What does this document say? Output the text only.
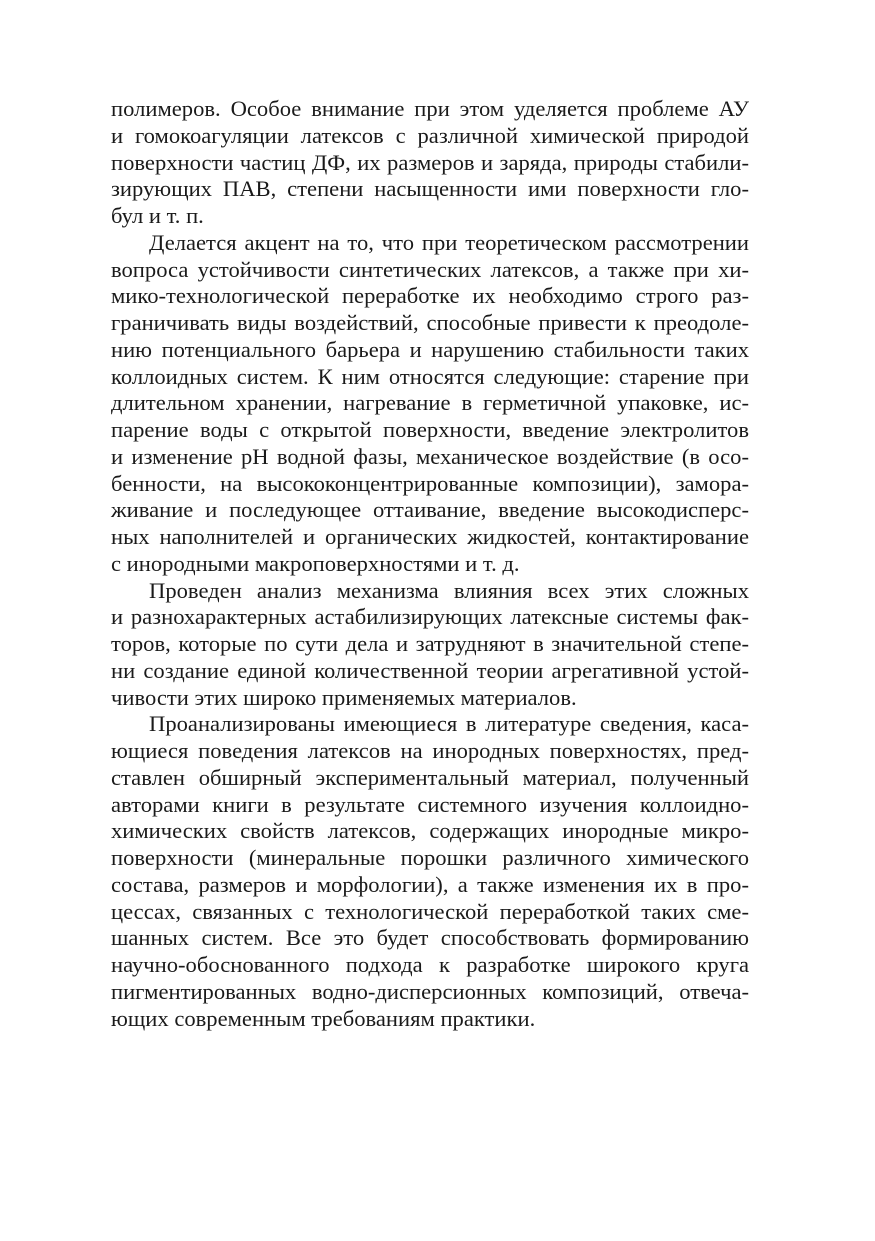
полимеров. Особое внимание при этом уделяется проблеме АУ
и гомокоагуляции латексов с различной химической природой
поверхности частиц ДФ, их размеров и заряда, природы стабили-
зирующих ПАВ, степени насыщенности ими поверхности гло-
бул и т. п.
Делается акцент на то, что при теоретическом рассмотрении
вопроса устойчивости синтетических латексов, а также при хи-
мико-технологической переработке их необходимо строго раз-
граничивать виды воздействий, способные привести к преодоле-
нию потенциального барьера и нарушению стабильности таких
коллоидных систем. К ним относятся следующие: старение при
длительном хранении, нагревание в герметичной упаковке, ис-
парение воды с открытой поверхности, введение электролитов
и изменение pH водной фазы, механическое воздействие (в осо-
бенности, на высококонцентрированные композиции), замора-
живание и последующее оттаивание, введение высокодисперс-
ных наполнителей и органических жидкостей, контактирование
с инородными макроповерхностями и т. д.
Проведен анализ механизма влияния всех этих сложных
и разнохарактерных астабилизирующих латексные системы фак-
торов, которые по сути дела и затрудняют в значительной степе-
ни создание единой количественной теории агрегативной устой-
чивости этих широко применяемых материалов.
Проанализированы имеющиеся в литературе сведения, каса-
ющиеся поведения латексов на инородных поверхностях, пред-
ставлен обширный экспериментальный материал, полученный
авторами книги в результате системного изучения коллоидно-
химических свойств латексов, содержащих инородные микро-
поверхности (минеральные порошки различного химического
состава, размеров и морфологии), а также изменения их в про-
цессах, связанных с технологической переработкой таких сме-
шанных систем. Все это будет способствовать формированию
научно-обоснованного подхода к разработке широкого круга
пигментированных водно-дисперсионных композиций, отвеча-
ющих современным требованиям практики.
